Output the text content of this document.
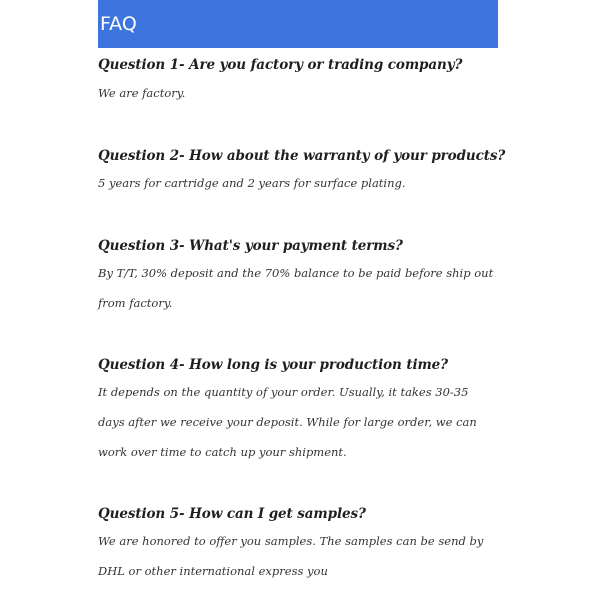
FAQ

Question 1- Are you factory or trading company?

We are factory.

Question 2- How about the warranty of your products?

5 years for cartridge and 2 years for surface plating.

Question 3- What's your payment terms?

By T/T, 30% deposit and the 70% balance to be paid before ship out from factory.

Question 4- How long is your production time?

It depends on the quantity of your order. Usually, it takes 30-35 days after we receive your deposit. While for large order, we can work over time to catch up your shipment.

Question 5- How can I get samples?

We are honored to offer you samples. The samples can be send by DHL or other international express you
